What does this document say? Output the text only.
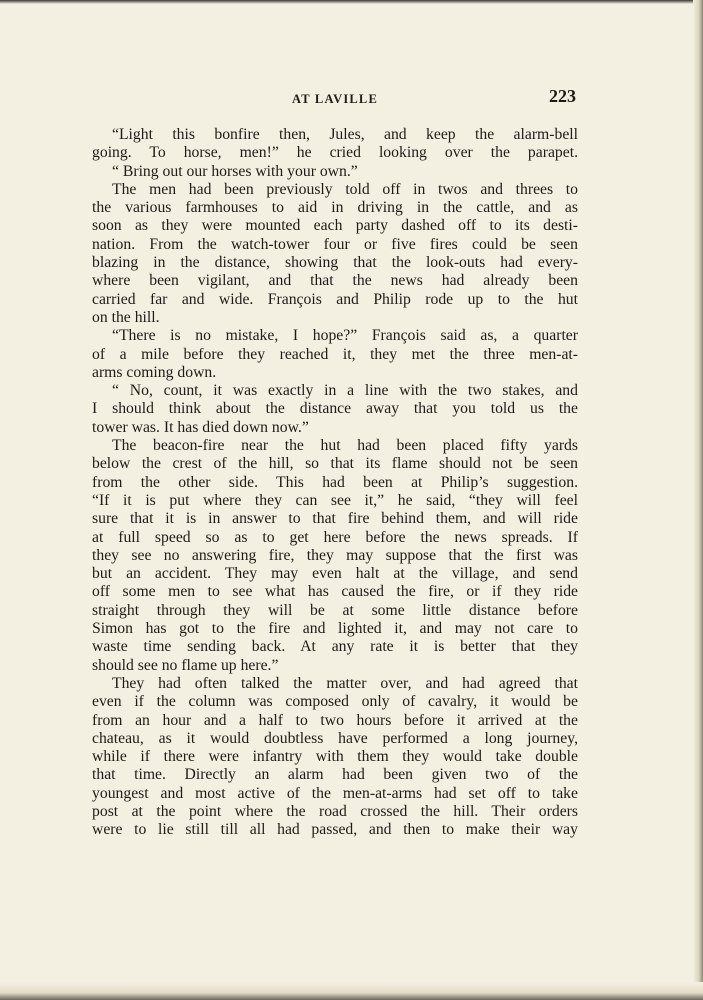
AT LAVILLE	223
“Light this bonfire then, Jules, and keep the alarm-bell
going. To horse, men!” he cried looking over the parapet.
“ Bring out our horses with your own.”
The men had been previously told off in twos and threes to
the various farmhouses to aid in driving in the cattle, and as
soon as they were mounted each party dashed off to its desti-
nation. From the watch-tower four or five fires could be seen
blazing in the distance, showing that the look-outs had every-
where been vigilant, and that the news had already been
carried far and wide. François and Philip rode up to the hut
on the hill.
“There is no mistake, I hope?” François said as, a quarter
of a mile before they reached it, they met the three men-at-
arms coming down.
“ No, count, it was exactly in a line with the two stakes, and
I should think about the distance away that you told us the
tower was. It has died down now.”
The beacon-fire near the hut had been placed fifty yards
below the crest of the hill, so that its flame should not be seen
from the other side. This had been at Philip’s suggestion.
“If it is put where they can see it,” he said, “they will feel
sure that it is in answer to that fire behind them, and will ride
at full speed so as to get here before the news spreads. If
they see no answering fire, they may suppose that the first was
but an accident. They may even halt at the village, and send
off some men to see what has caused the fire, or if they ride
straight through they will be at some little distance before
Simon has got to the fire and lighted it, and may not care to
waste time sending back. At any rate it is better that they
should see no flame up here.”
They had often talked the matter over, and had agreed that
even if the column was composed only of cavalry, it would be
from an hour and a half to two hours before it arrived at the
chateau, as it would doubtless have performed a long journey,
while if there were infantry with them they would take double
that time. Directly an alarm had been given two of the
youngest and most active of the men-at-arms had set off to take
post at the point where the road crossed the hill. Their orders
were to lie still till all had passed, and then to make their way
